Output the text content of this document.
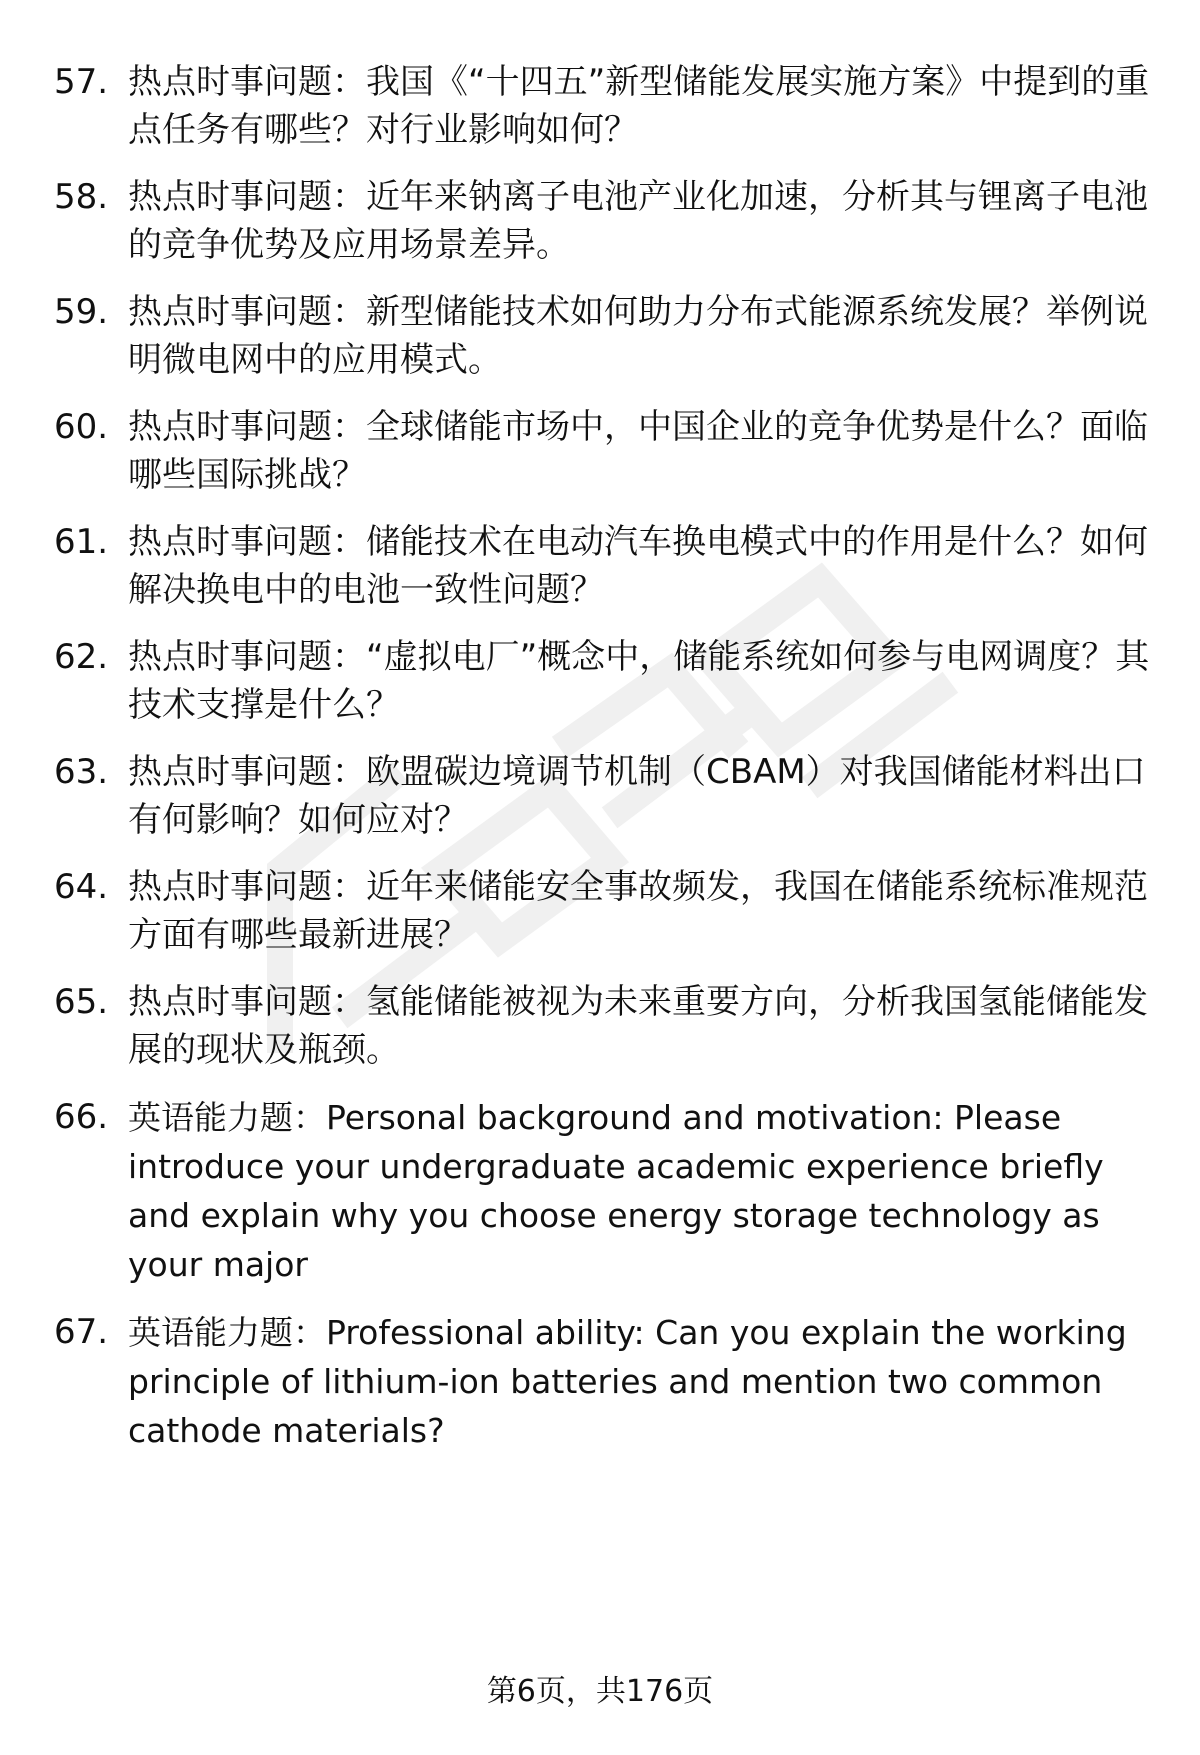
57. 热点时事问题：我国《“十四五”新型储能发展实施方案》中提到的重点任务有哪些？对行业影响如何？
58. 热点时事问题：近年来钠离子电池产业化加速，分析其与锂离子电池的竞争优势及应用场景差异。
59. 热点时事问题：新型储能技术如何助力分布式能源系统发展？举例说明微电网中的应用模式。
60. 热点时事问题：全球储能市场中，中国企业的竞争优势是什么？面临哪些国际挑战？
61. 热点时事问题：储能技术在电动汽车换电模式中的作用是什么？如何解决换电中的电池一致性问题？
62. 热点时事问题：“虚拟电厂”概念中，储能系统如何参与电网调度？其技术支撑是什么？
63. 热点时事问题：欧盟碳边境调节机制（CBAM）对我国储能材料出口有何影响？如何应对？
64. 热点时事问题：近年来储能安全事故频发，我国在储能系统标准规范方面有哪些最新进展？
65. 热点时事问题：氢能储能被视为未来重要方向，分析我国氢能储能发展的现状及瓶颈。
66. 英语能力题：Personal background and motivation: Please introduce your undergraduate academic experience briefly and explain why you choose energy storage technology as your major
67. 英语能力题：Professional ability: Can you explain the working principle of lithium-ion batteries and mention two common cathode materials?
第6页，共176页
